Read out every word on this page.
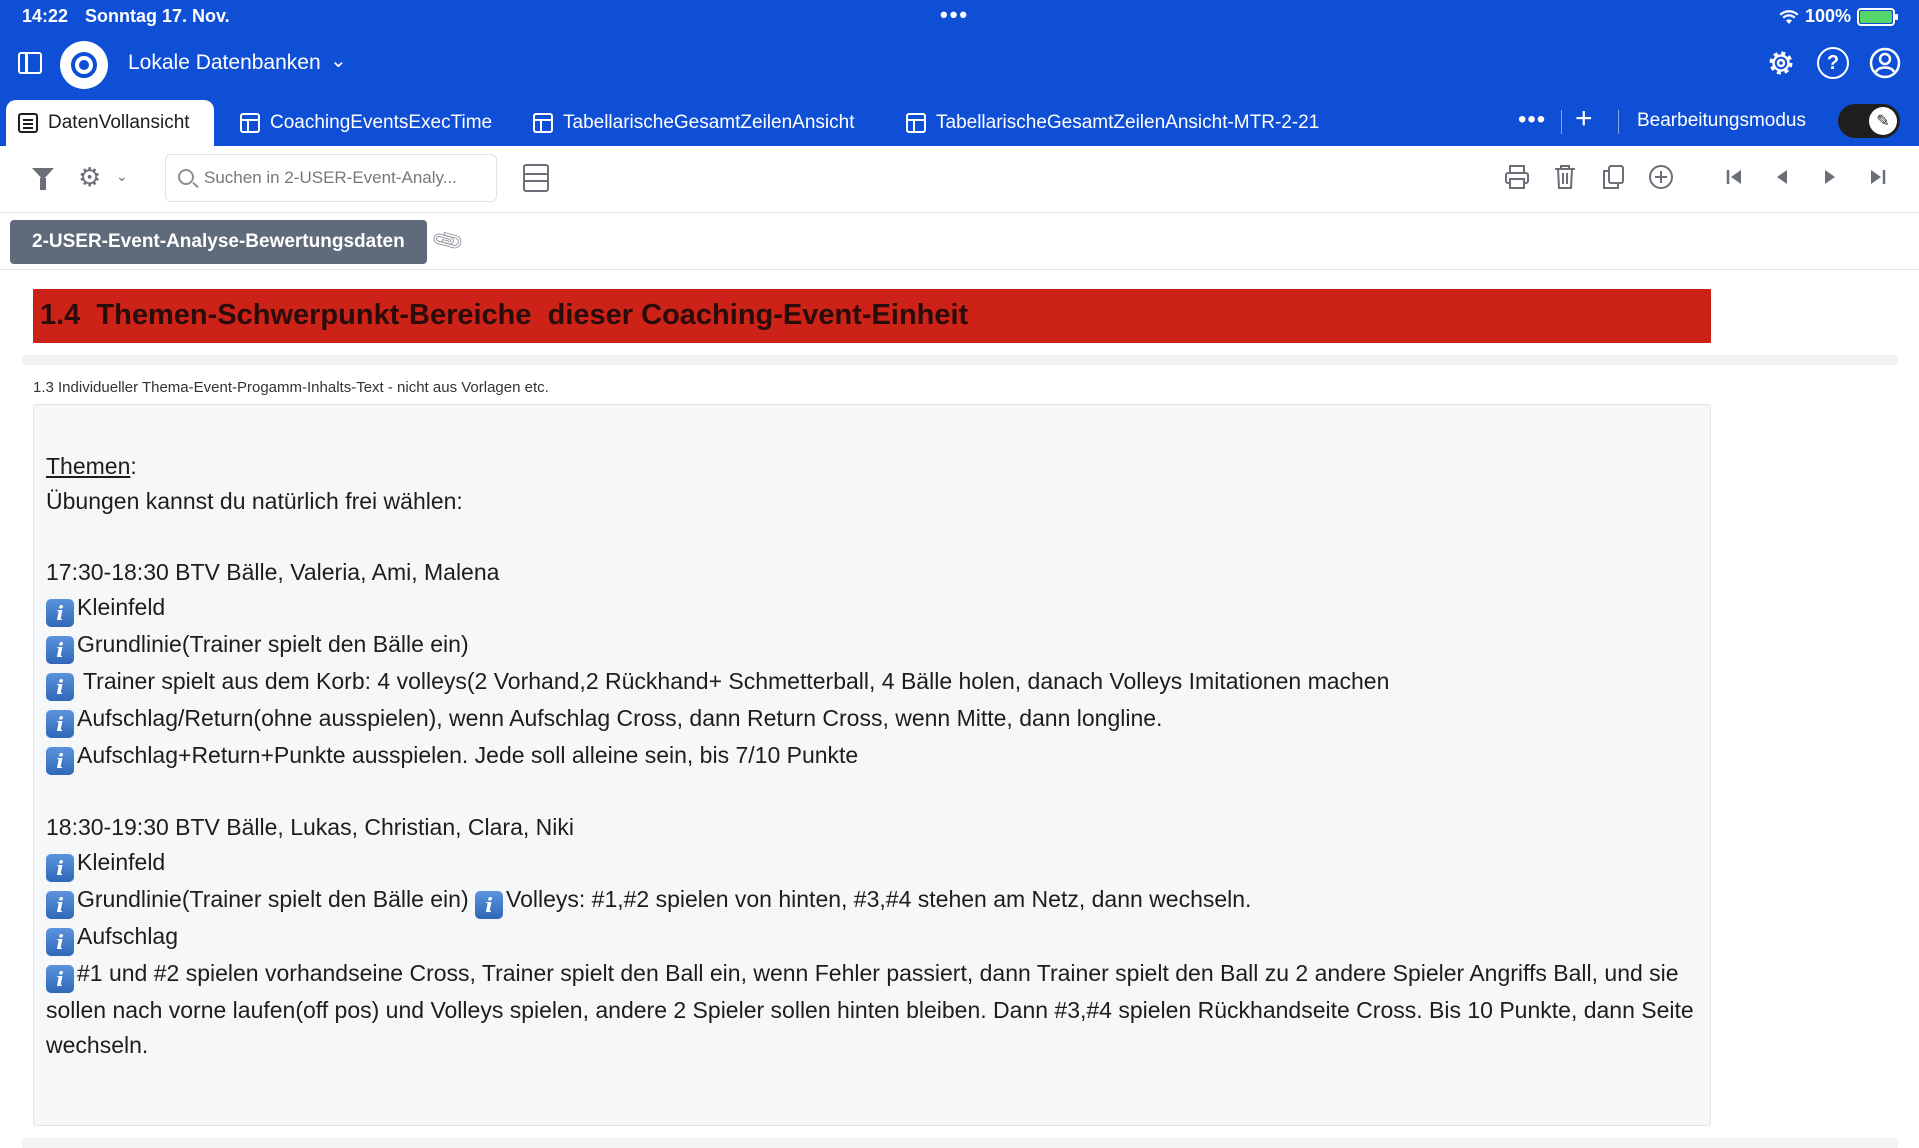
14:22 Sonntag 17. Nov.	•••	100%
Lokale Datenbanken ⌄	?
DatenVollansicht	CoachingEventsExecTime	TabellarischeGesamtZeilenAnsicht	TabellarischeGesamtZeilenAnsicht-MTR-2-21	••• + Bearbeitungsmodus	✎
⚙ ⌄
Suchen in 2-USER-Event-Analy...
2-USER-Event-Analyse-Bewertungsdaten	📎︎
1.4  Themen-Schwerpunkt-Bereiche  dieser Coaching-Event-Einheit
1.3 Individueller Thema-Event-Progamm-Inhalts-Text - nicht aus Vorlagen etc.

Themen:

Übungen kannst du natürlich frei wählen:

17:30-18:30 BTV Bälle, Valeria, Ami, Malena

i Kleinfeld

i Grundlinie(Trainer spielt den Bälle ein)

i Trainer spielt aus dem Korb: 4 volleys(2 Vorhand,2 Rückhand+ Schmetterball, 4 Bälle holen, danach Volleys Imitationen machen

i Aufschlag/Return(ohne ausspielen), wenn Aufschlag Cross, dann Return Cross, wenn Mitte, dann longline.

i Aufschlag+Return+Punkte ausspielen. Jede soll alleine sein, bis 7/10 Punkte

18:30-19:30 BTV Bälle, Lukas, Christian, Clara, Niki

i Kleinfeld

i Grundlinie(Trainer spielt den Bälle ein) i Volleys: #1,#2 spielen von hinten, #3,#4 stehen am Netz, dann wechseln.

i Aufschlag

i #1 und #2 spielen vorhandseine Cross, Trainer spielt den Ball ein, wenn Fehler passiert, dann Trainer spielt den Ball zu 2 andere Spieler Angriffs Ball, und sie sollen nach vorne laufen(off pos) und Volleys spielen, andere 2 Spieler sollen hinten bleiben. Dann #3,#4 spielen Rückhandseite Cross. Bis 10 Punkte, dann Seite wechseln.
